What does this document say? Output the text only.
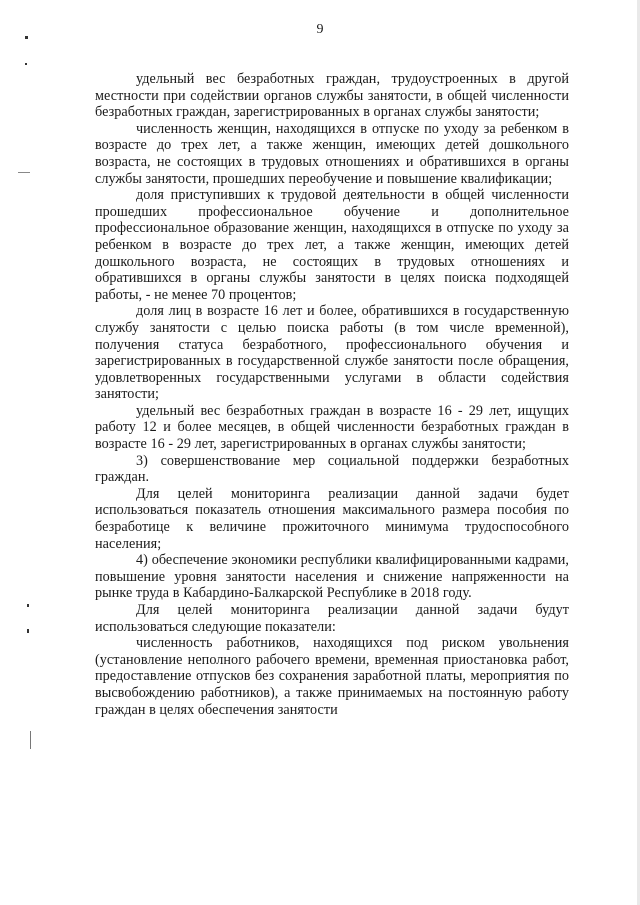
9

удельный вес безработных граждан, трудоустроенных в другой местности при содействии органов службы занятости, в общей численности безработных граждан, зарегистрированных в органах службы занятости;

численность женщин, находящихся в отпуске по уходу за ребенком в возрасте до трех лет, а также женщин, имеющих детей дошкольного возраста, не состоящих в трудовых отношениях и обратившихся в органы службы занятости, прошедших переобучение и повышение квалификации;

доля приступивших к трудовой деятельности в общей численности прошедших профессиональное обучение и дополнительное профессиональное образование женщин, находящихся в отпуске по уходу за ребенком в возрасте до трех лет, а также женщин, имеющих детей дошкольного возраста, не состоящих в трудовых отношениях и обратившихся в органы службы занятости в целях поиска подходящей работы, - не менее 70 процентов;

доля лиц в возрасте 16 лет и более, обратившихся в государственную службу занятости с целью поиска работы (в том числе временной), получения статуса безработного, профессионального обучения и зарегистрированных в государственной службе занятости после обращения, удовлетворенных государственными услугами в области содействия занятости;

удельный вес безработных граждан в возрасте 16 - 29 лет, ищущих работу 12 и более месяцев, в общей численности безработных граждан в возрасте 16 - 29 лет, зарегистрированных в органах службы занятости;

3) совершенствование мер социальной поддержки безработных граждан.

Для целей мониторинга реализации данной задачи будет использоваться показатель отношения максимального размера пособия по безработице к величине прожиточного минимума трудоспособного населения;

4) обеспечение экономики республики квалифицированными кадрами, повышение уровня занятости населения и снижение напряженности на рынке труда в Кабардино-Балкарской Республике в 2018 году.

Для целей мониторинга реализации данной задачи будут использоваться следующие показатели:

численность работников, находящихся под риском увольнения (установление неполного рабочего времени, временная приостановка работ, предоставление отпусков без сохранения заработной платы, мероприятия по высвобождению работников), а также принимаемых на постоянную работу граждан в целях обеспечения занятости
